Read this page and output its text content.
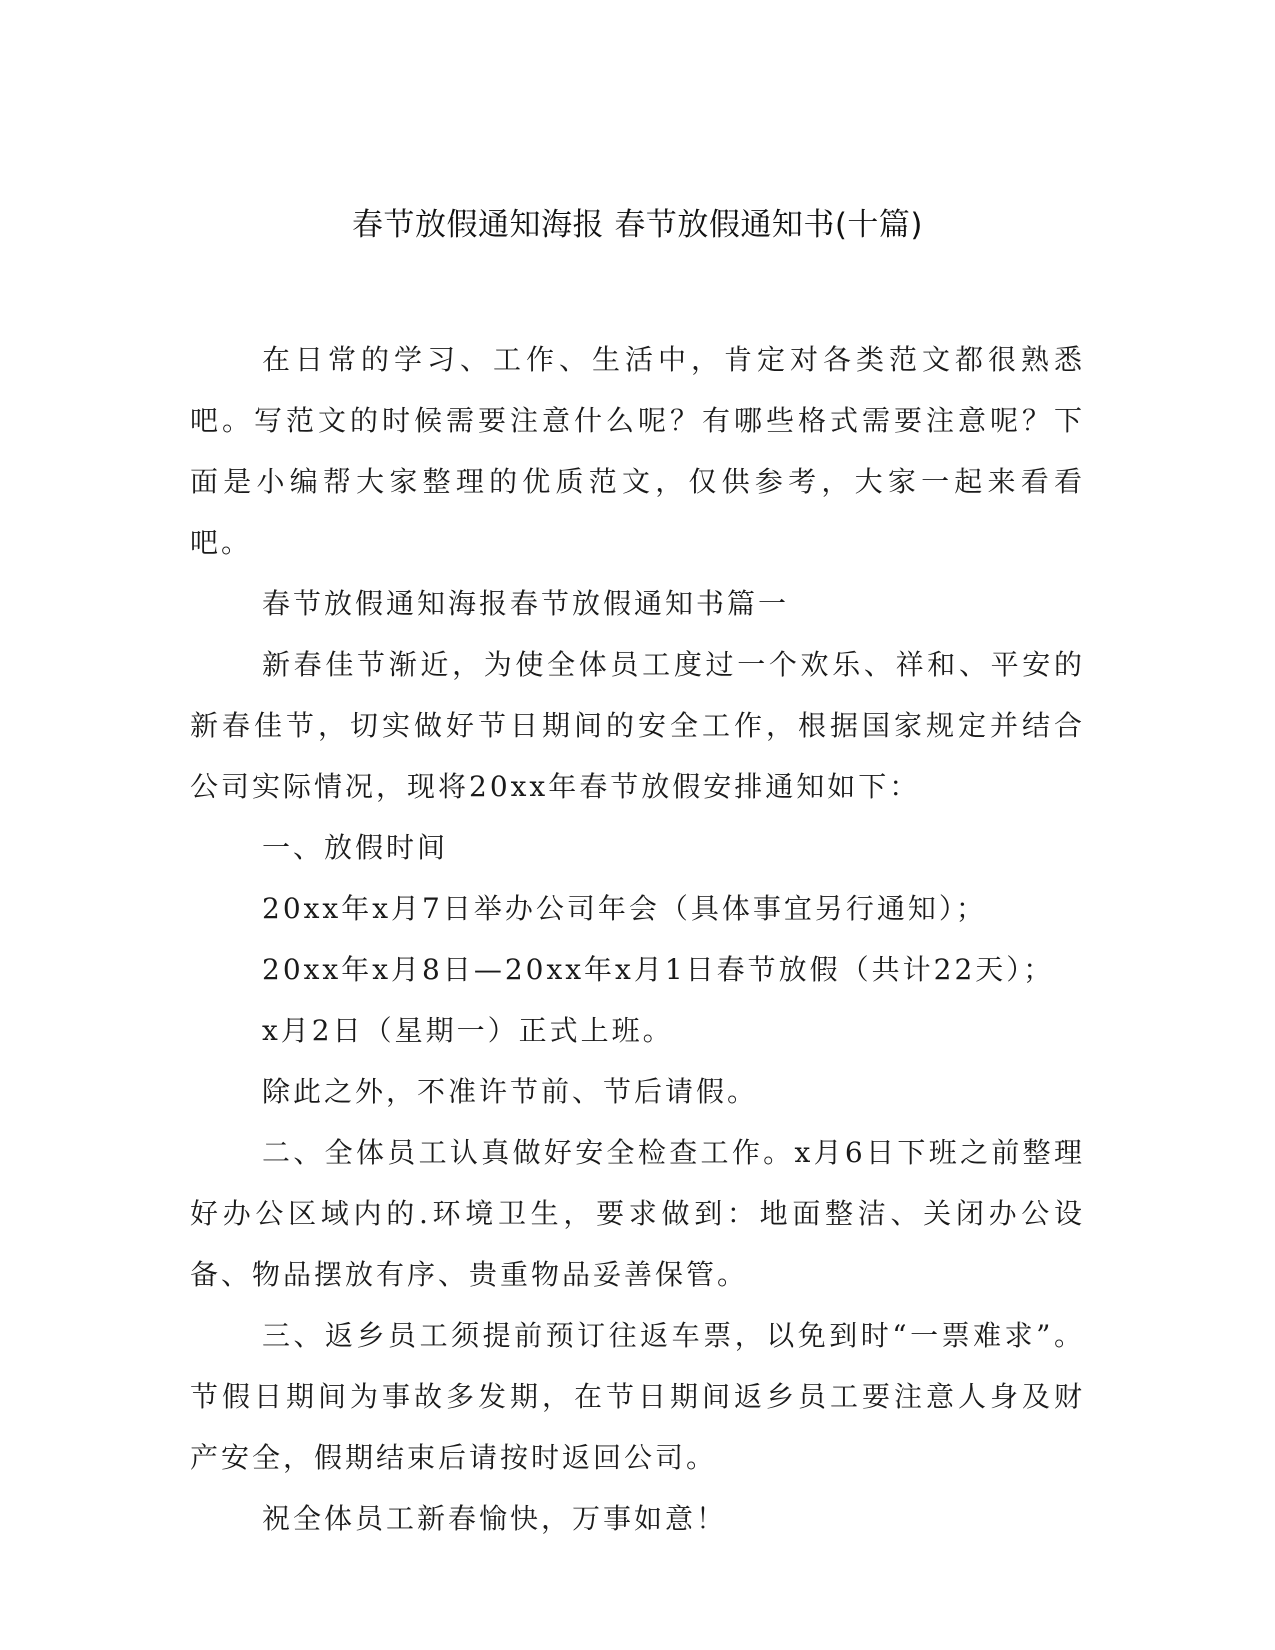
春节放假通知海报 春节放假通知书(十篇)

在日常的学习、工作、生活中，肯定对各类范文都很熟悉吧。写范文的时候需要注意什么呢？有哪些格式需要注意呢？下面是小编帮大家整理的优质范文，仅供参考，大家一起来看看吧。

春节放假通知海报春节放假通知书篇一

新春佳节渐近，为使全体员工度过一个欢乐、祥和、平安的新春佳节，切实做好节日期间的安全工作，根据国家规定并结合公司实际情况，现将20xx年春节放假安排通知如下：

一、放假时间

20xx年x月7日举办公司年会（具体事宜另行通知）；

20xx年x月8日—20xx年x月1日春节放假（共计22天）；

x月2日（星期一）正式上班。

除此之外，不准许节前、节后请假。

二、全体员工认真做好安全检查工作。x月6日下班之前整理好办公区域内的.环境卫生，要求做到：地面整洁、关闭办公设备、物品摆放有序、贵重物品妥善保管。

三、返乡员工须提前预订往返车票，以免到时“一票难求”。节假日期间为事故多发期，在节日期间返乡员工要注意人身及财产安全，假期结束后请按时返回公司。

祝全体员工新春愉快，万事如意！
